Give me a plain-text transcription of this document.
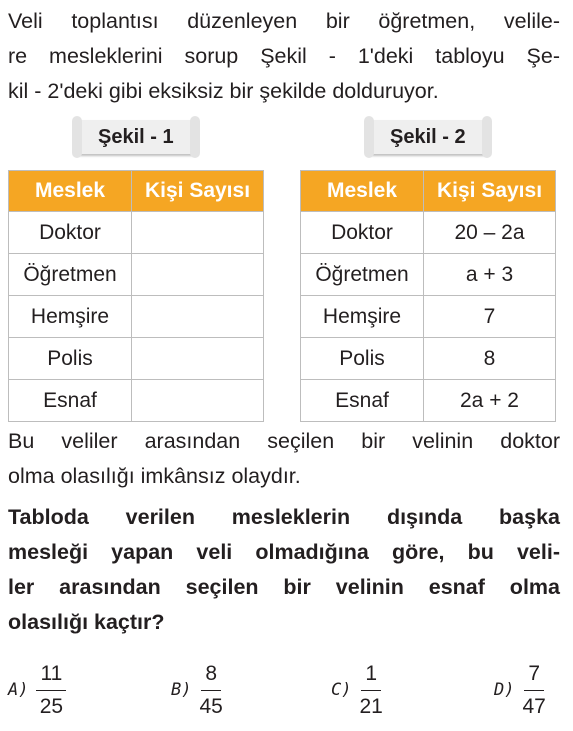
Veli toplantısı düzenleyen bir öğretmen, velile-
re mesleklerini sorup Şekil - 1'deki tabloyu Şe-
kil - 2'deki gibi eksiksiz bir şekilde dolduruyor.
Şekil - 1	Şekil - 2
Meslek	Kişi Sayısı
Doktor	
Öğretmen	
Hemşire	
Polis	
Esnaf	
Meslek	Kişi Sayısı
Doktor	20 – 2a
Öğretmen	a + 3
Hemşire	7
Polis	8
Esnaf	2a + 2
Bu veliler arasından seçilen bir velinin doktor
olma olasılığı imkânsız olaydır.
Tabloda verilen mesleklerin dışında başka
mesleği yapan veli olmadığına göre, bu veli-
ler arasından seçilen bir velinin esnaf olma
olasılığı kaçtır?
$A) \frac{11}{25}$	$B) \frac{8}{45}$	$C) \frac{1}{21}$	$D) \frac{7}{47}$
